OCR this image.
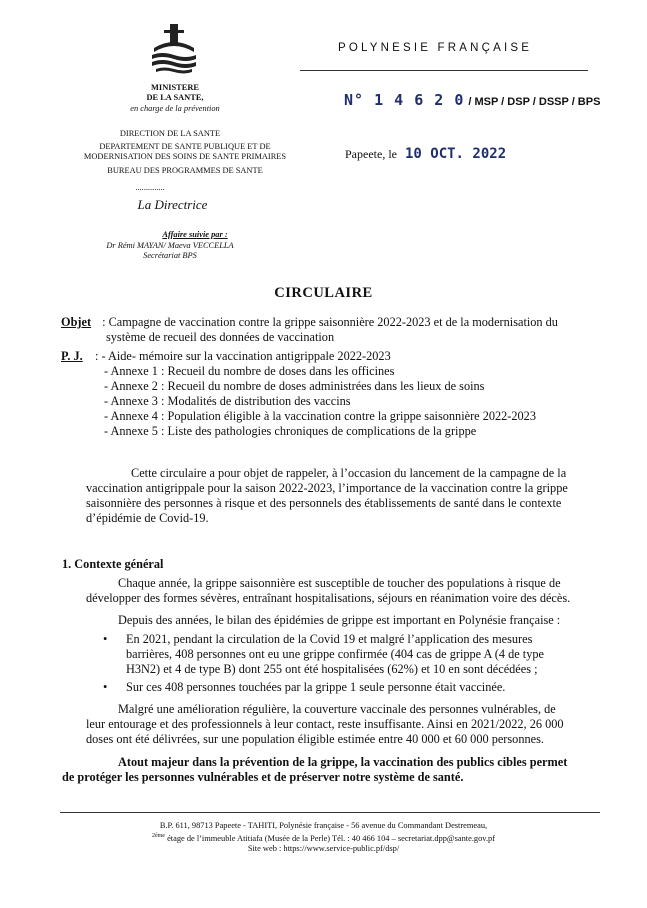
MINISTERE
DE LA SANTE,
en charge de la prévention
POLYNESIE FRANÇAISE
N° 1 4 6 2 0 / MSP / DSP / DSSP / BPS
DIRECTION DE LA SANTE
DEPARTEMENT DE SANTE PUBLIQUE ET DE
MODERNISATION DES SOINS DE SANTE PRIMAIRES
BUREAU DES PROGRAMMES DE SANTE
..............
Papeete, le 10 OCT. 2022
La Directrice
Affaire suivie par :
Dr Rémi MAYAN/ Maeva VECCELLA
Secrétariat BPS
CIRCULAIRE
Objet : Campagne de vaccination contre la grippe saisonnière 2022-2023 et de la modernisation du
système de recueil des données de vaccination
P. J. : - Aide- mémoire sur la vaccination antigrippale 2022-2023
- Annexe 1 : Recueil du nombre de doses dans les officines
- Annexe 2 : Recueil du nombre de doses administrées dans les lieux de soins
- Annexe 3 : Modalités de distribution des vaccins
- Annexe 4 : Population éligible à la vaccination contre la grippe saisonnière 2022-2023
- Annexe 5 : Liste des pathologies chroniques de complications de la grippe
Cette circulaire a pour objet de rappeler, à l’occasion du lancement de la campagne de la
vaccination antigrippale pour la saison 2022-2023, l’importance de la vaccination contre la grippe
saisonnière des personnes à risque et des personnels des établissements de santé dans le contexte
d’épidémie de Covid-19.
1. Contexte général
Chaque année, la grippe saisonnière est susceptible de toucher des populations à risque de
développer des formes sévères, entraînant hospitalisations, séjours en réanimation voire des décès.
Depuis des années, le bilan des épidémies de grippe est important en Polynésie française :
• En 2021, pendant la circulation de la Covid 19 et malgré l’application des mesures
barrières, 408 personnes ont eu une grippe confirmée (404 cas de grippe A (4 de type
H3N2) et 4 de type B) dont 255 ont été hospitalisées (62%) et 10 en sont décédées ;
• Sur ces 408 personnes touchées par la grippe 1 seule personne était vaccinée.
Malgré une amélioration régulière, la couverture vaccinale des personnes vulnérables, de
leur entourage et des professionnels à leur contact, reste insuffisante. Ainsi en 2021/2022, 26 000
doses ont été délivrées, sur une population éligible estimée entre 40 000 et 60 000 personnes.
Atout majeur dans la prévention de la grippe, la vaccination des publics cibles permet
de protéger les personnes vulnérables et de préserver notre système de santé.
B.P. 611, 98713 Papeete - TAHITI, Polynésie française - 56 avenue du Commandant Destremeau,
$^{2ème}$ étage de l’immeuble Atitiafa (Musée de la Perle) Tél. : 40 466 104 – secretariat.dpp@sante.gov.pf
Site web : https://www.service-public.pf/dsp/
